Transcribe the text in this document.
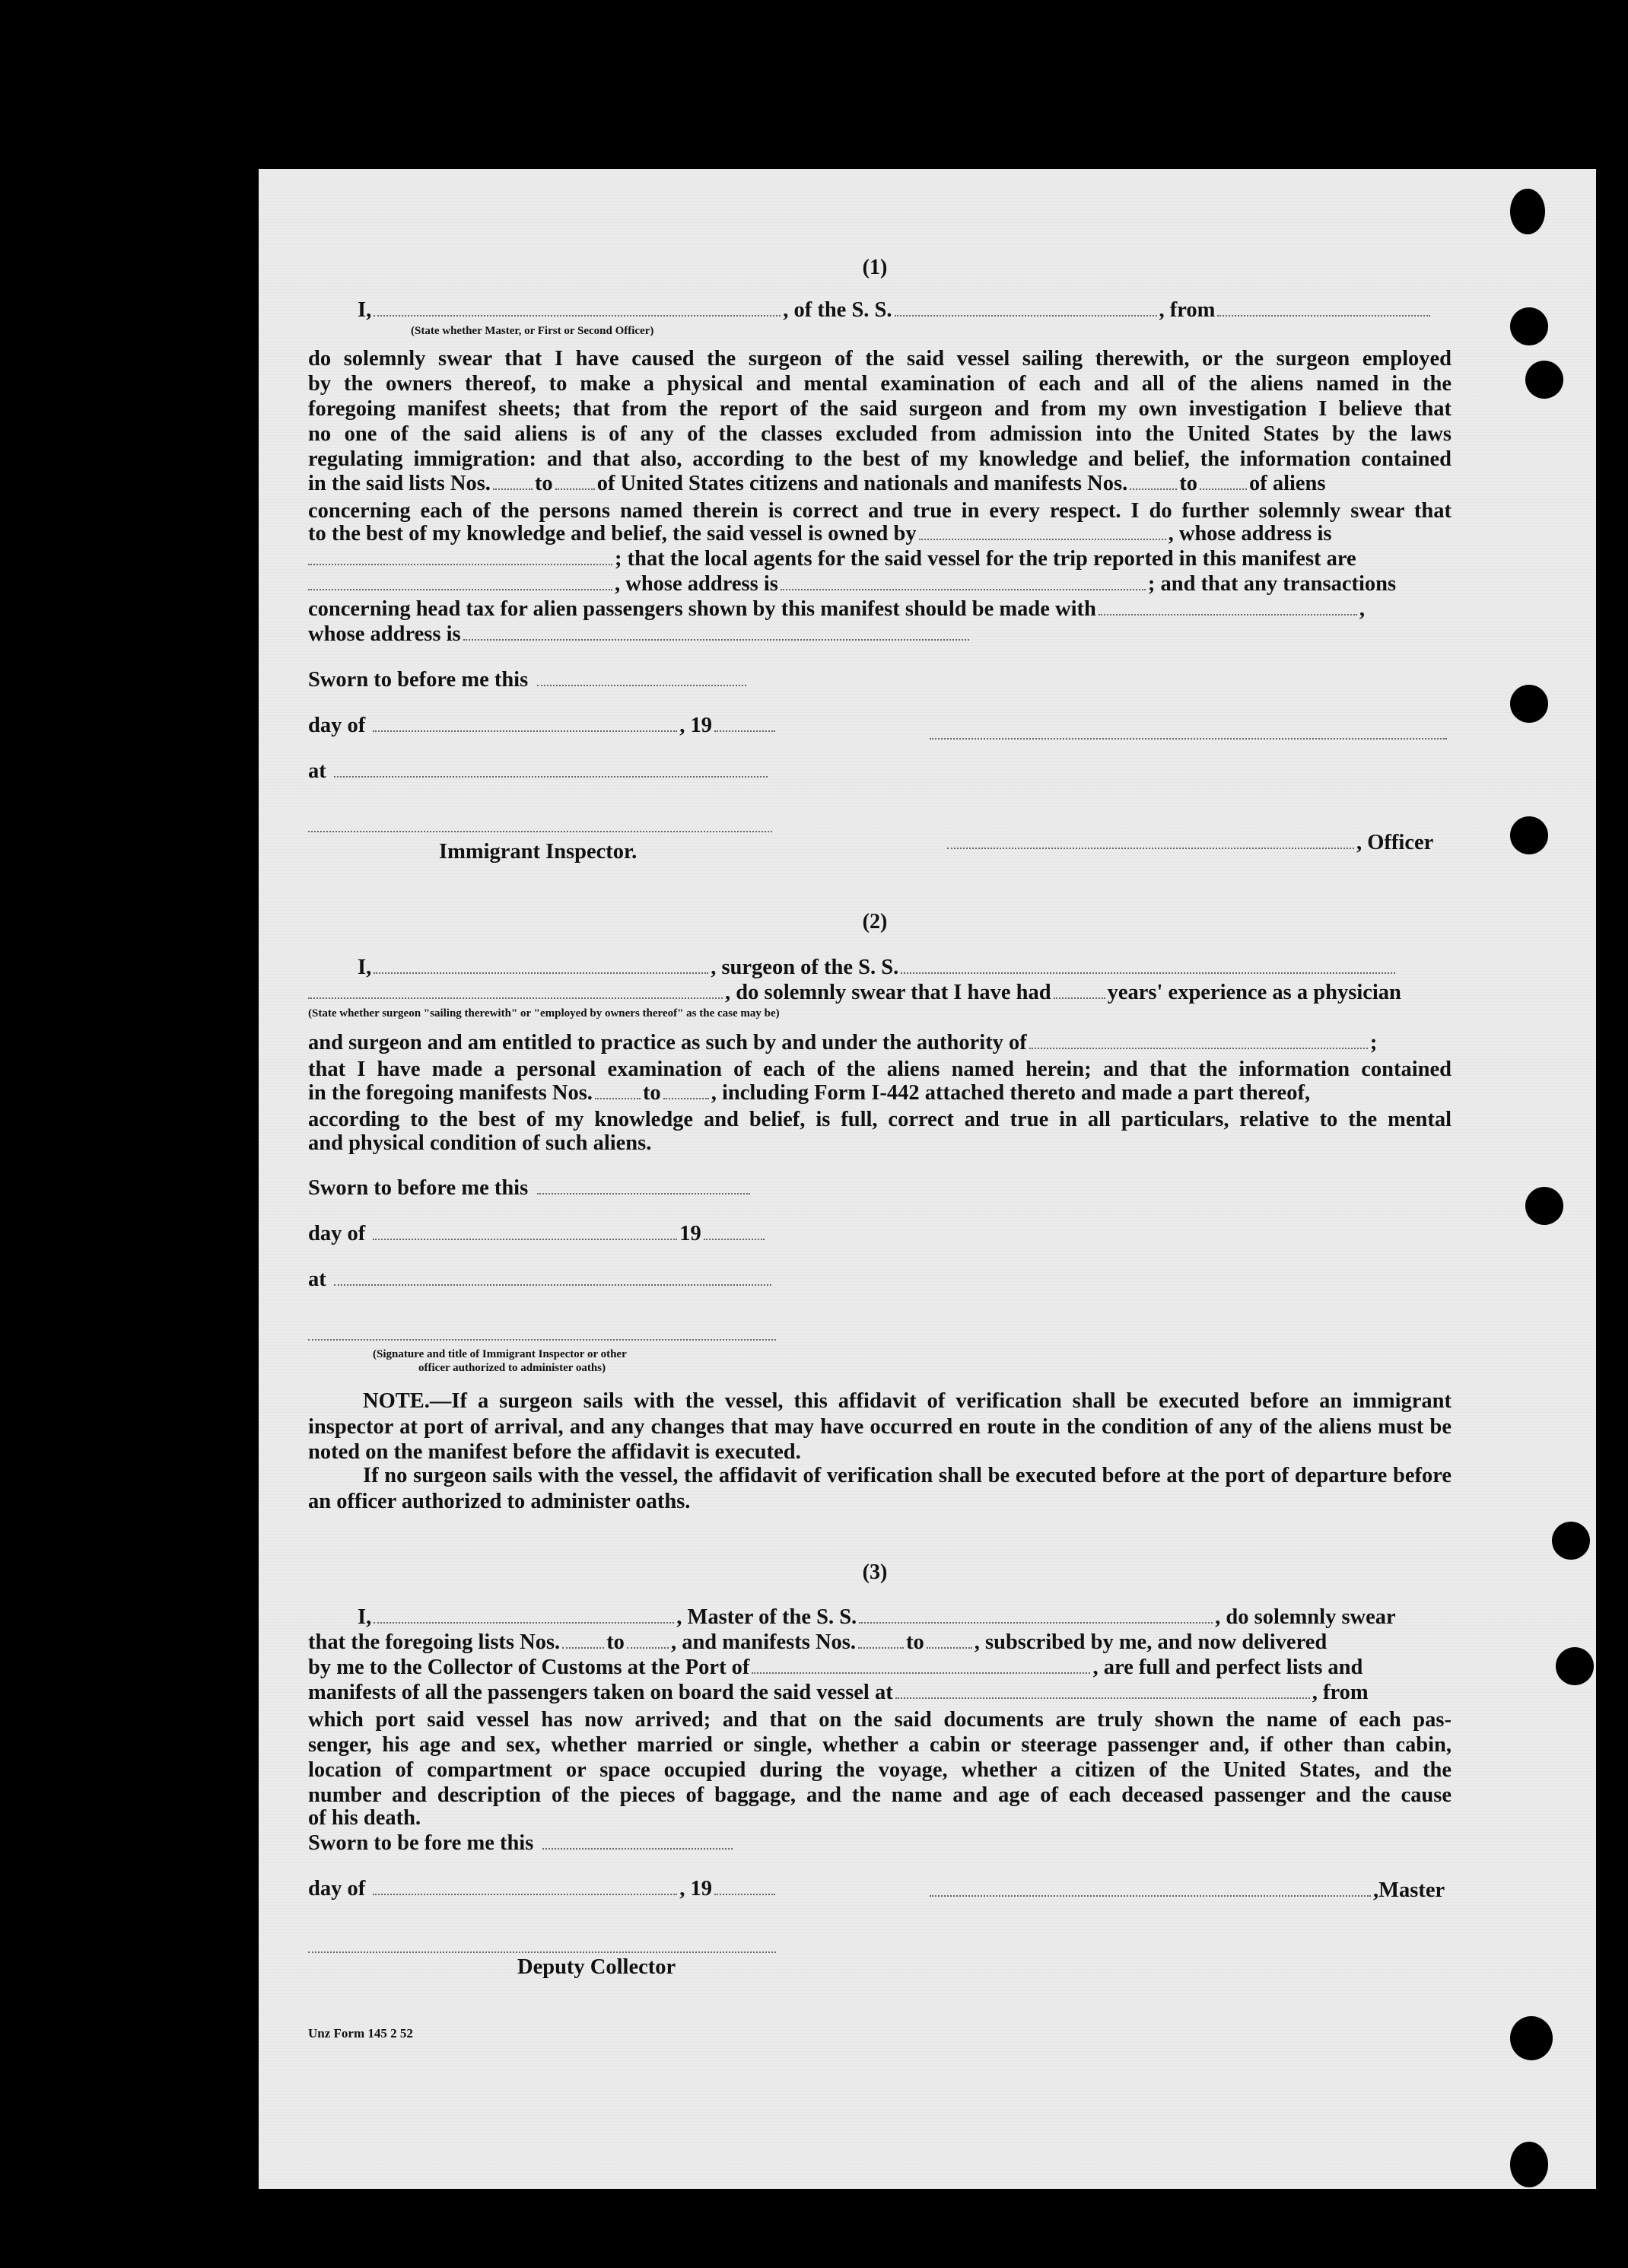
(1)
I,	, of the S. S.	, from
(State whether Master, or First or Second Officer)
do solemnly swear that I have caused the surgeon of the said vessel sailing therewith, or the surgeon employed
by the owners thereof, to make a physical and mental examination of each and all of the aliens named in the
foregoing manifest sheets; that from the report of the said surgeon and from my own investigation I believe that
no one of the said aliens is of any of the classes excluded from admission into the United States by the laws
regulating immigration: and that also, according to the best of my knowledge and belief, the information contained
in the said lists Nos. to of United States citizens and nationals and manifests Nos. to of aliens
concerning each of the persons named therein is correct and true in every respect. I do further solemnly swear that
to the best of my knowledge and belief, the said vessel is owned by	, whose address is
; that the local agents for the said vessel for the trip reported in this manifest are
, whose address is	; and that any transactions
concerning head tax for alien passengers shown by this manifest should be made with	,
whose address is
Sworn to before me this
day of	, 19
at
Immigrant Inspector.	, Officer
(2)
I,	, surgeon of the S. S.
, do solemnly swear that I have had	years' experience as a physician
(State whether surgeon "sailing therewith" or "employed by owners thereof" as the case may be)
and surgeon and am entitled to practice as such by and under the authority of	;
that I have made a personal examination of each of the aliens named herein; and that the information contained
in the foregoing manifests Nos. to , including Form I-442 attached thereto and made a part thereof,
according to the best of my knowledge and belief, is full, correct and true in all particulars, relative to the mental
and physical condition of such aliens.
Sworn to before me this
day of	19
at
(Signature and title of Immigrant Inspector or other
officer authorized to administer oaths)
NOTE.—If a surgeon sails with the vessel, this affidavit of verification shall be executed before an immigrant inspector at port of arrival, and any changes that may have occurred en route in the condition of any of the aliens must be noted on the manifest before the affidavit is executed.
If no surgeon sails with the vessel, the affidavit of verification shall be executed before at the port of departure before an officer authorized to administer oaths.
(3)
I,	, Master of the S. S.	, do solemnly swear
that the foregoing lists Nos. to , and manifests Nos. to , subscribed by me, and now delivered
by me to the Collector of Customs at the Port of	, are full and perfect lists and
manifests of all the passengers taken on board the said vessel at	, from
which port said vessel has now arrived; and that on the said documents are truly shown the name of each pas-
senger, his age and sex, whether married or single, whether a cabin or steerage passenger and, if other than cabin,
location of compartment or space occupied during the voyage, whether a citizen of the United States, and the
number and description of the pieces of baggage, and the name and age of each deceased passenger and the cause
of his death.
Sworn to be fore me this
day of	, 19	,Master
Deputy Collector
Unz Form 145 2 52
